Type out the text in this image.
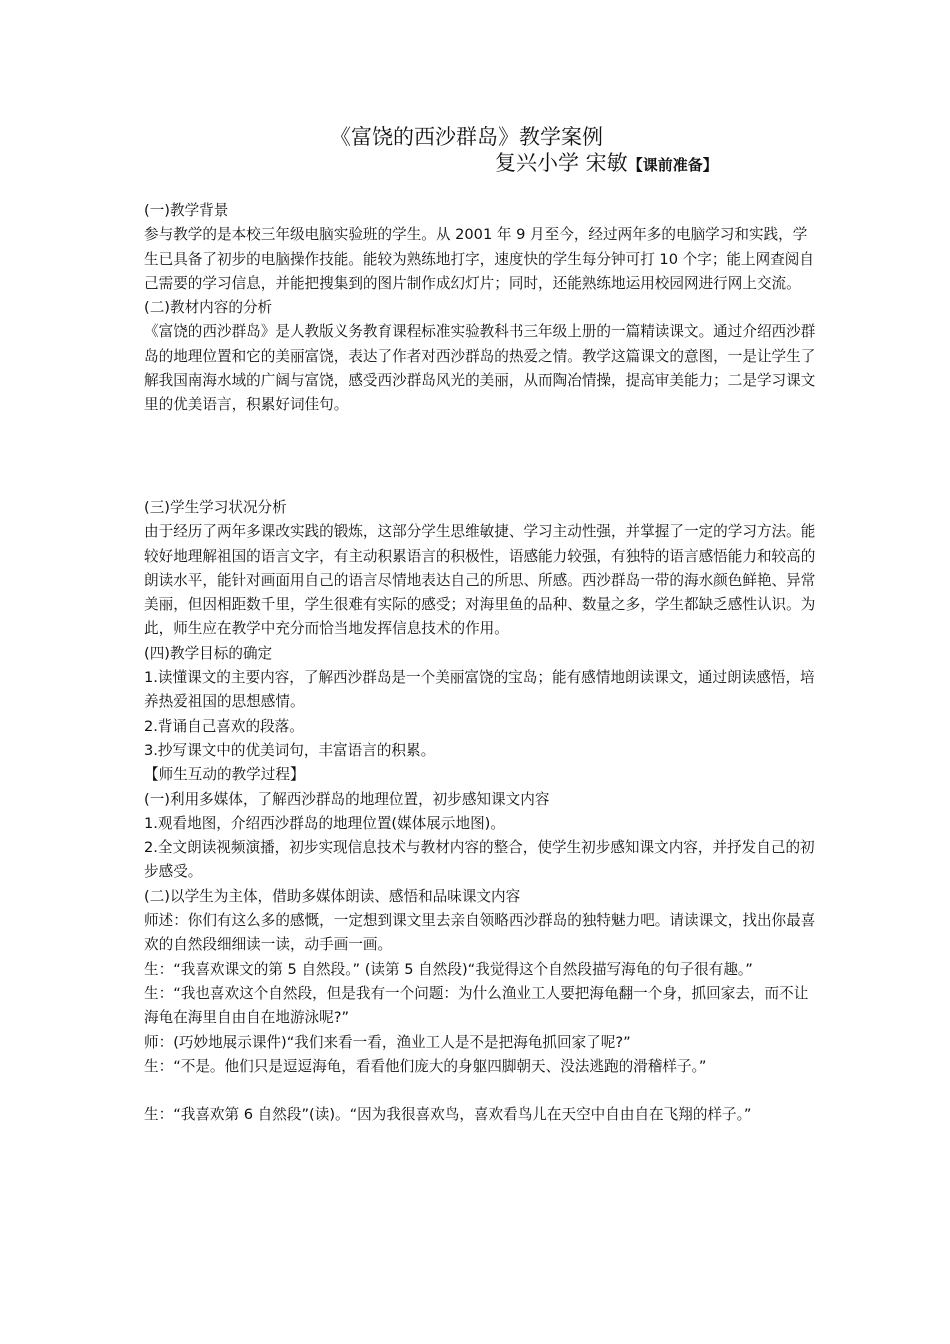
《富饶的西沙群岛》教学案例
复兴小学 宋敏【课前准备】

(一)教学背景

参与教学的是本校三年级电脑实验班的学生。从 2001 年 9 月至今，经过两年多的电脑学习和实践，学生已具备了初步的电脑操作技能。能较为熟练地打字，速度快的学生每分钟可打 10 个字；能上网查阅自己需要的学习信息，并能把搜集到的图片制作成幻灯片；同时，还能熟练地运用校园网进行网上交流。

(二)教材内容的分析

《富饶的西沙群岛》是人教版义务教育课程标准实验教科书三年级上册的一篇精读课文。通过介绍西沙群岛的地理位置和它的美丽富饶，表达了作者对西沙群岛的热爱之情。教学这篇课文的意图，一是让学生了解我国南海水域的广阔与富饶，感受西沙群岛风光的美丽，从而陶冶情操，提高审美能力；二是学习课文里的优美语言，积累好词佳句。

(三)学生学习状况分析

由于经历了两年多课改实践的锻炼，这部分学生思维敏捷、学习主动性强，并掌握了一定的学习方法。能较好地理解祖国的语言文字，有主动积累语言的积极性，语感能力较强，有独特的语言感悟能力和较高的朗读水平，能针对画面用自己的语言尽情地表达自己的所思、所感。西沙群岛一带的海水颜色鲜艳、异常美丽，但因相距数千里，学生很难有实际的感受；对海里鱼的品种、数量之多，学生都缺乏感性认识。为此，师生应在教学中充分而恰当地发挥信息技术的作用。

(四)教学目标的确定

1.读懂课文的主要内容，了解西沙群岛是一个美丽富饶的宝岛；能有感情地朗读课文，通过朗读感悟，培养热爱祖国的思想感情。

2.背诵自己喜欢的段落。

3.抄写课文中的优美词句，丰富语言的积累。

【师生互动的教学过程】

(一)利用多媒体，了解西沙群岛的地理位置，初步感知课文内容

1.观看地图，介绍西沙群岛的地理位置(媒体展示地图)。

2.全文朗读视频演播，初步实现信息技术与教材内容的整合，使学生初步感知课文内容，并抒发自己的初 步感受。

(二)以学生为主体，借助多媒体朗读、感悟和品味课文内容

师述：你们有这么多的感慨，一定想到课文里去亲自领略西沙群岛的独特魅力吧。请读课文，找出你最喜欢的自然段细细读一读，动手画一画。

生：“我喜欢课文的第 5 自然段。” (读第 5 自然段)“我觉得这个自然段描写海龟的句子很有趣。”

生：“我也喜欢这个自然段，但是我有一个问题：为什么渔业工人要把海龟翻一个身，抓回家去，而不让海龟在海里自由自在地游泳呢?”

师：(巧妙地展示课件)“我们来看一看，渔业工人是不是把海龟抓回家了呢?”

生：“不是。他们只是逗逗海龟，看看他们庞大的身躯四脚朝天、没法逃跑的滑稽样子。”

生：“我喜欢第 6 自然段”(读)。“因为我很喜欢鸟，喜欢看鸟儿在天空中自由自在飞翔的样子。”
